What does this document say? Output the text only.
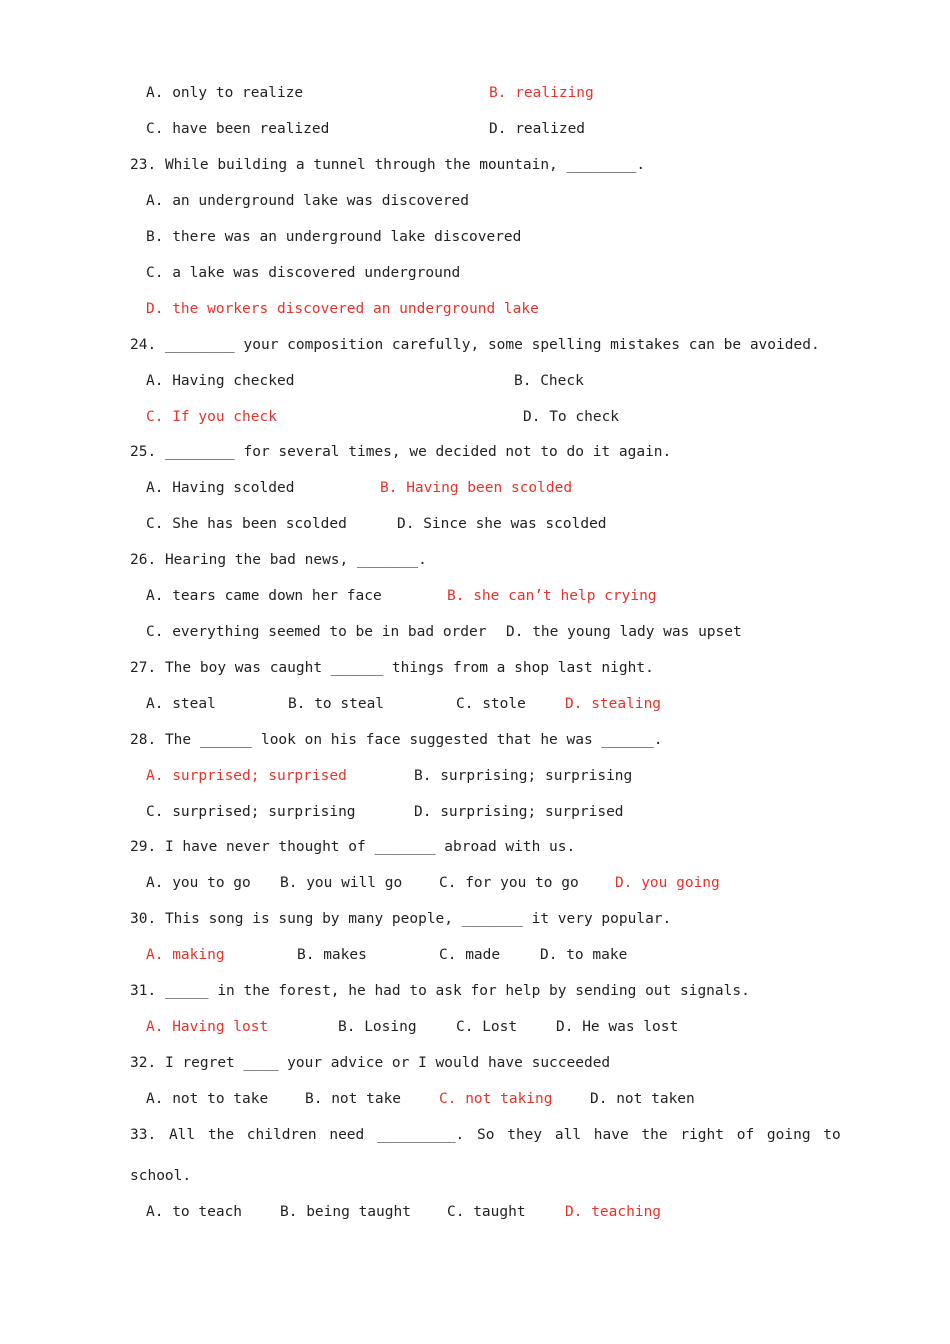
A. only to realize	B. realizing
C. have been realized	D. realized
23. While building a tunnel through the mountain, ________.
A. an underground lake was discovered
B. there was an underground lake discovered
C. a lake was discovered underground
D. the workers discovered an underground lake
24. ________ your composition carefully, some spelling mistakes can be avoided.
A. Having checked	B. Check
C. If you check	D. To check
25. ________ for several times, we decided not to do it again.
A. Having scolded	B. Having been scolded
C. She has been scolded	D. Since she was scolded
26. Hearing the bad news, _______.
A. tears came down her face	B. she can’t help crying
C. everything seemed to be in bad order D. the young lady was upset
27. The boy was caught ______ things from a shop last night.
A. steal	B. to steal	C. stole	D. stealing
28. The ______ look on his face suggested that he was ______.
A. surprised; surprised	B. surprising; surprising
C. surprised; surprising	D. surprising; surprised
29. I have never thought of _______ abroad with us.
A. you to go B. you will go	C. for you to go	D. you going
30. This song is sung by many people, _______ it very popular.
A. making	B. makes	C. made	D. to make
31. _____ in the forest, he had to ask for help by sending out signals.
A. Having lost	B. Losing	C. Lost	D. He was lost
32. I regret ____ your advice or I would have succeeded
A. not to take	B. not take	C. not taking	D. not taken
33. All the children need _________. So they all have the right of going to
school.
A. to teach	B. being taught C. taught	D. teaching
